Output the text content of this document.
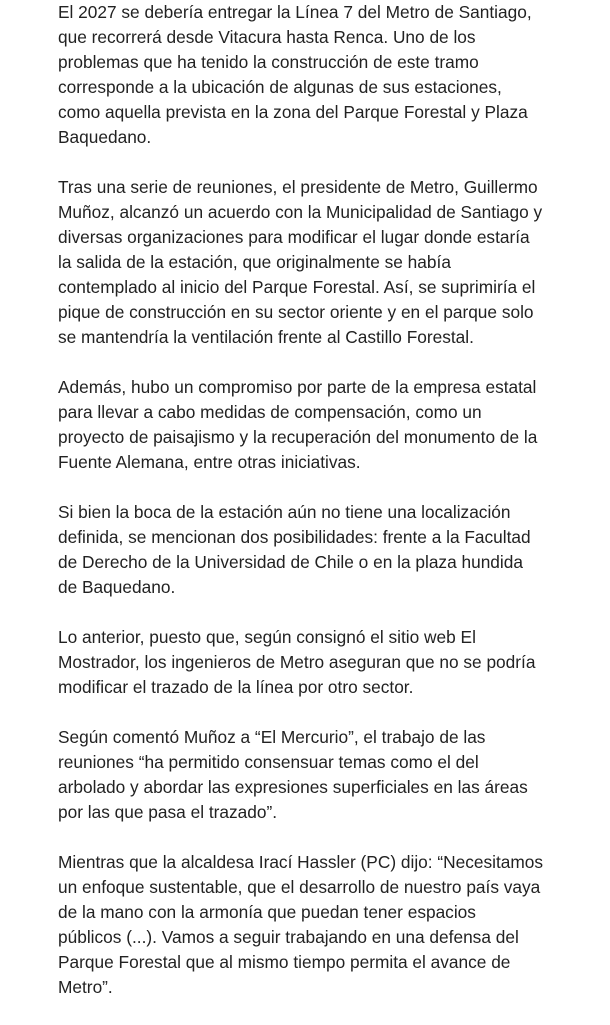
El 2027 se debería entregar la Línea 7 del Metro de Santiago,
que recorrerá desde Vitacura hasta Renca. Uno de los
problemas que ha tenido la construcción de este tramo
corresponde a la ubicación de algunas de sus estaciones,
como aquella prevista en la zona del Parque Forestal y Plaza
Baquedano.

Tras una serie de reuniones, el presidente de Metro, Guillermo
Muñoz, alcanzó un acuerdo con la Municipalidad de Santiago y
diversas organizaciones para modificar el lugar donde estaría
la salida de la estación, que originalmente se había
contemplado al inicio del Parque Forestal. Así, se suprimiría el
pique de construcción en su sector oriente y en el parque solo
se mantendría la ventilación frente al Castillo Forestal.

Además, hubo un compromiso por parte de la empresa estatal
para llevar a cabo medidas de compensación, como un
proyecto de paisajismo y la recuperación del monumento de la
Fuente Alemana, entre otras iniciativas.

Si bien la boca de la estación aún no tiene una localización
definida, se mencionan dos posibilidades: frente a la Facultad
de Derecho de la Universidad de Chile o en la plaza hundida
de Baquedano.

Lo anterior, puesto que, según consignó el sitio web El
Mostrador, los ingenieros de Metro aseguran que no se podría
modificar el trazado de la línea por otro sector.

Según comentó Muñoz a “El Mercurio”, el trabajo de las
reuniones “ha permitido consensuar temas como el del
arbolado y abordar las expresiones superficiales en las áreas
por las que pasa el trazado”.

Mientras que la alcaldesa Irací Hassler (PC) dijo: “Necesitamos
un enfoque sustentable, que el desarrollo de nuestro país vaya
de la mano con la armonía que puedan tener espacios
públicos (...). Vamos a seguir trabajando en una defensa del
Parque Forestal que al mismo tiempo permita el avance de
Metro”.
